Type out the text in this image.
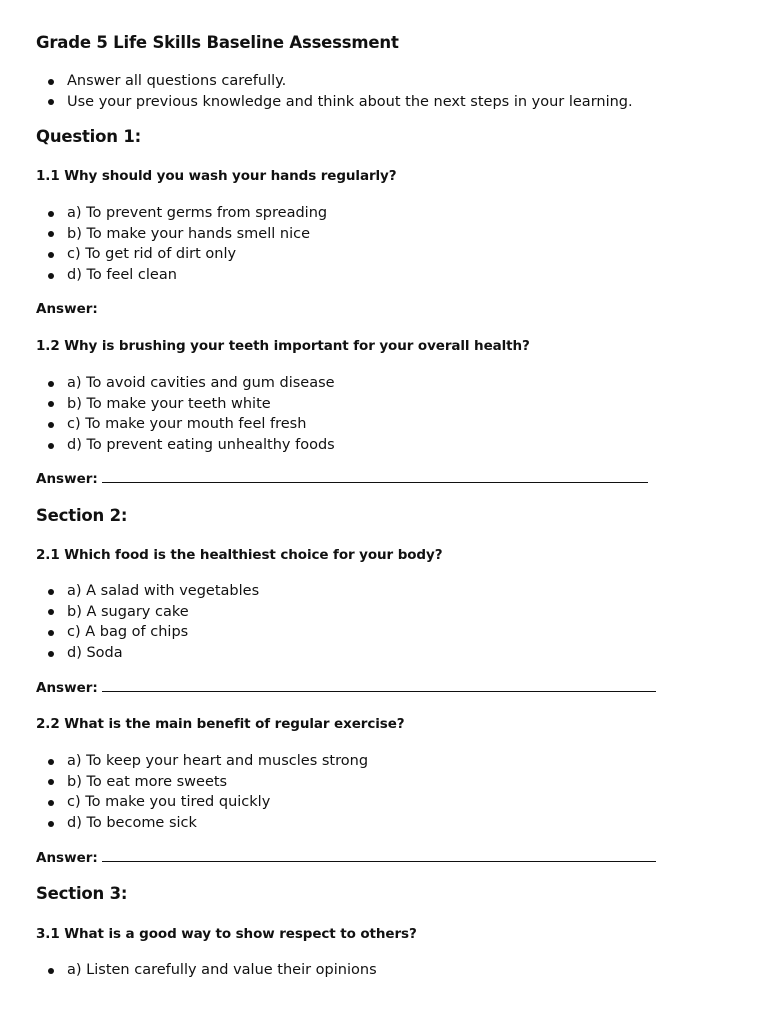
Grade 5 Life Skills Baseline Assessment
Answer all questions carefully.
Use your previous knowledge and think about the next steps in your learning.
Question 1:

1.1 Why should you wash your hands regularly?

a) To prevent germs from spreading
b) To make your hands smell nice
c) To get rid of dirt only
d) To feel clean

Answer:

1.2 Why is brushing your teeth important for your overall health?

a) To avoid cavities and gum disease
b) To make your teeth white
c) To make your mouth feel fresh
d) To prevent eating unhealthy foods

Answer:

Section 2:

2.1 Which food is the healthiest choice for your body?

a) A salad with vegetables
b) A sugary cake
c) A bag of chips
d) Soda

Answer:

2.2 What is the main benefit of regular exercise?

a) To keep your heart and muscles strong
b) To eat more sweets
c) To make you tired quickly
d) To become sick

Answer:

Section 3:

3.1 What is a good way to show respect to others?

a) Listen carefully and value their opinions
